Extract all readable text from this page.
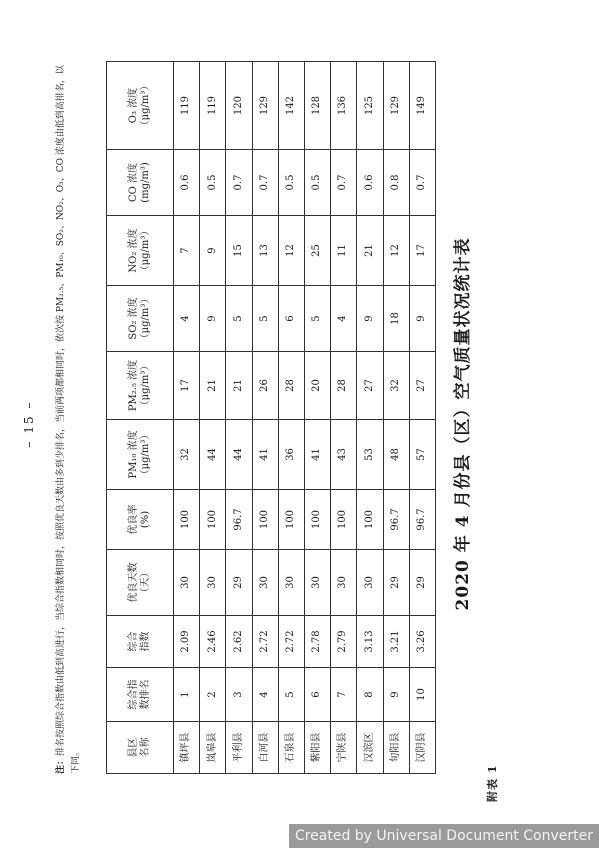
附表 1
2020 年 4 月份县（区）空气质量状况统计表
县区 名称	综合指 数排名	综合 指数	优良天数 （天）	优良率 (%)	PM₁₀ 浓度 （μg/m³）	PM₂.₅ 浓度 （μg/m³）	SO₂ 浓度 （μg/m³）	NO₂ 浓度 （μg/m³）	CO 浓度 (mg/m³)	O₃ 浓度 （μg/m³）

镇坪县	1	2.09	30	100	32	17	4	7	0.6	119
岚皋县	2	2.46	30	100	44	21	9	9	0.5	119
平利县	3	2.62	29	96.7	44	21	5	15	0.7	120
白河县	4	2.72	30	100	41	26	5	13	0.7	129
石泉县	5	2.72	30	100	36	28	6	12	0.5	142
紫阳县	6	2.78	30	100	41	20	5	25	0.5	128
宁陕县	7	2.79	30	100	43	28	4	11	0.7	136
汉滨区	8	3.13	30	100	53	27	9	21	0.6	125
旬阳县	9	3.21	29	96.7	48	32	18	12	0.8	129
汉阴县	10	3.26	29	96.7	57	27	9	17	0.7	149
注：排名按照综合指数由低到高进行，当综合指数相同时，按照优良天数由多到少排名，当前两项都相同时，依次按 PM₂.₅、PM₁₀、SO₂、NO₂、O₃、CO 浓度由低到高排名，以下同。
– 15 –
Created by Universal Document Converter
